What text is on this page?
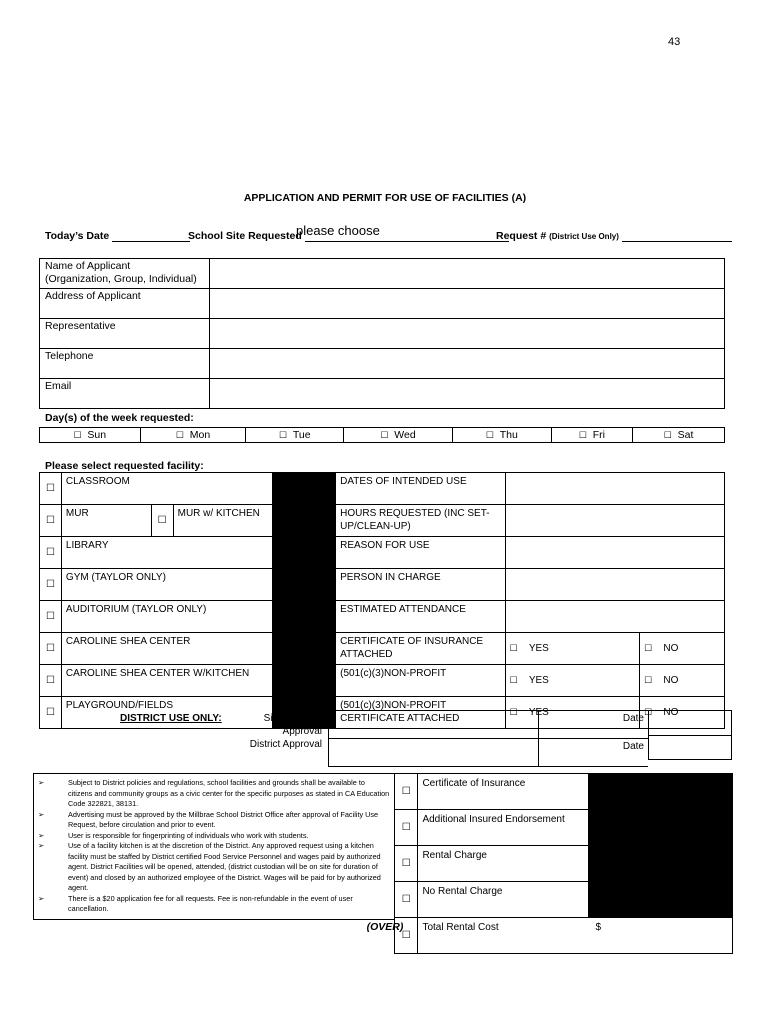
43
APPLICATION AND PERMIT FOR USE OF FACILITIES (A)
Today’s Date	School Site Requested
please choose	Request # (District Use Only)
Name of Applicant
(Organization, Group, Individual)	
Address of Applicant	
Representative	
Telephone	
Email	
Day(s) of the week requested:
☐ Sun	☐ Mon	☐ Tue	☐ Wed	☐ Thu	☐ Fri	☐ Sat
Please select requested facility:
☐	CLASSROOM				DATES OF INTENDED USE		
☐	MUR	☐	MUR w/ KITCHEN		HOURS REQUESTED (INC SET-UP/CLEAN-UP)		
☐	LIBRARY				REASON FOR USE		
☐	GYM (TAYLOR ONLY)				PERSON IN CHARGE		
☐	AUDITORIUM (TAYLOR ONLY)				ESTIMATED ATTENDANCE		
☐	CAROLINE SHEA CENTER				CERTIFICATE OF INSURANCE ATTACHED	☐ YES	☐ NO
☐	CAROLINE SHEA CENTER W/KITCHEN				(501(c)(3)NON-PROFIT	☐ YES	☐ NO
☐	PLAYGROUND/FIELDS				(501(c)(3)NON-PROFIT CERTIFICATE ATTACHED	☐ YES	☐ NO
DISTRICT USE ONLY:	Site Principal Approval
District Approval
	Date
	Date
➢	Subject to District policies and regulations, school facilities and grounds shall be available to citizens and community groups as a civic center for the specific purposes as stated in CA Education Code 322821, 38131.
➢	Advertising must be approved by the Millbrae School District Office after approval of Facility Use Request, before circulation and prior to event.
➢	User is responsible for fingerprinting of individuals who work with students.
➢	Use of a facility kitchen is at the discretion of the District. Any approved request using a kitchen facility must be staffed by District certified Food Service Personnel and wages paid by authorized agent. District Facilities will be opened, attended, (district custodian will be on site for duration of event) and closed by an authorized employee of the District. Wages will be paid for by authorized agent.
➢	There is a $20 application fee for all requests. Fee is non-refundable in the event of user cancellation.
☐	Certificate of Insurance	
☐	Additional Insured Endorsement	
☐	Rental Charge	
☐	No Rental Charge	
☐	Total Rental Cost $	
(OVER)
